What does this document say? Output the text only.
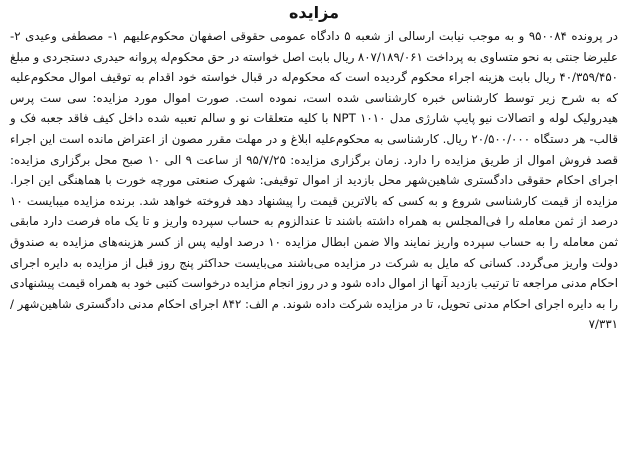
مزایده

در پرونده ۹۵۰۰۸۴ و به موجب نیابت ارسالی از شعبه ۵ دادگاه عمومی حقوقی اصفهان محکوم‌علیهم ۱- مصطفی وعیدی ۲- علیرضا جنتی به نحو متساوی به پرداخت ۸۰۷/۱۸۹/۰۶۱ ریال بابت اصل خواسته در حق محکوم‌له پروانه حیدری دستجردی و مبلغ ۴۰/۳۵۹/۴۵۰ ریال بابت هزینه اجراء محکوم گردیده است که محکوم‌له در قبال خواسته خود اقدام به توقیف اموال محکوم‌علیه که به شرح زیر توسط کارشناس خبره کارشناسی شده است، نموده است. صورت اموال مورد مزایده: سی ست پرس هیدرولیک لوله و اتصالات نیو پایپ شارژی مدل NPT ۱۰۱۰ با کلیه متعلقات نو و سالم تعبیه شده داخل کیف فاقد جعبه فک و قالب- هر دستگاه ۲۰/۵۰۰/۰۰۰ ریال. کارشناسی به محکوم‌علیه ابلاغ و در مهلت مقرر مصون از اعتراض مانده است این اجراء قصد فروش اموال از طریق مزایده را دارد. زمان برگزاری مزایده: ۹۵/۷/۲۵ از ساعت ۹ الی ۱۰ صبح محل برگزاری مزایده: اجرای احکام حقوقی دادگستری شاهین‌شهر محل بازدید از اموال توقیفی: شهرک صنعتی مورچه خورت با هماهنگی این اجرا. مزایده از قیمت کارشناسی شروع و به کسی که بالاترین قیمت را پیشنهاد دهد فروخته خواهد شد. برنده مزایده میبایست ۱۰ درصد از ثمن معامله را فی‌المجلس به همراه داشته باشند تا عندالزوم به حساب سپرده واریز و تا یک ماه فرصت دارد مابقی ثمن معامله را به حساب سپرده واریز نمایند والا ضمن ابطال مزایده ۱۰ درصد اولیه پس از کسر هزینه‌های مزایده به صندوق دولت واریز می‌گردد. کسانی که مایل به شرکت در مزایده می‌باشند می‌بایست حداکثر پنج روز قبل از مزایده به دایره اجرای احکام مدنی مراجعه تا ترتیب بازدید آنها از اموال داده شود و در روز انجام مزایده درخواست کتبی خود به همراه قیمت پیشنهادی را به دایره اجرای احکام مدنی تحویل، تا در مزایده شرکت داده شوند. م الف: ۸۴۲ اجرای احکام مدنی دادگستری شاهین‌شهر /۷/۳۳۱
